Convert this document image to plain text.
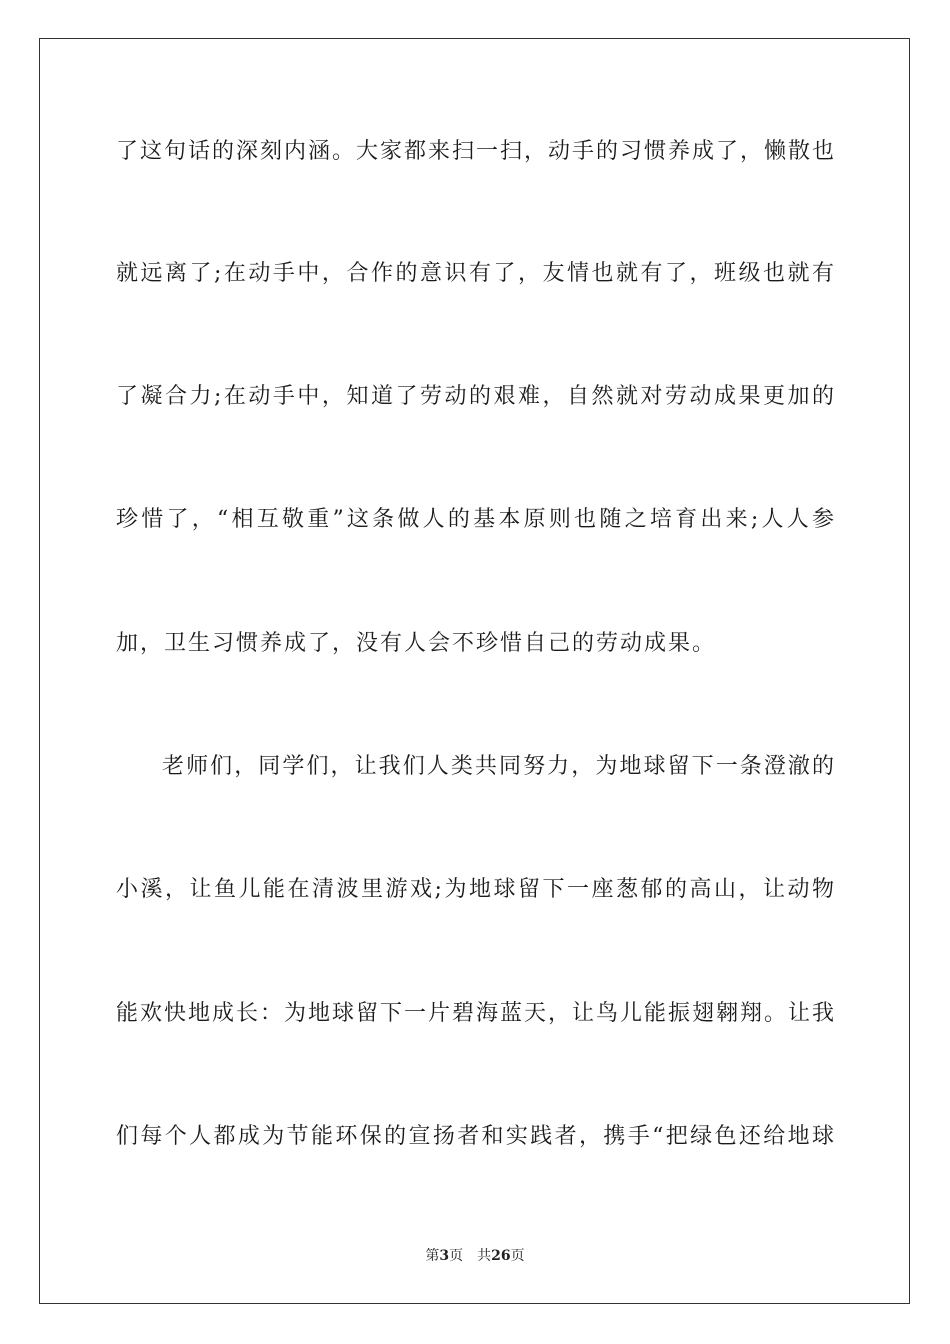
了这句话的深刻内涵。大家都来扫一扫，动手的习惯养成了，懒散也
就远离了;在动手中，合作的意识有了，友情也就有了，班级也就有
了凝合力;在动手中，知道了劳动的艰难，自然就对劳动成果更加的
珍惜了，“相互敬重”这条做人的基本原则也随之培育出来;人人参
加，卫生习惯养成了，没有人会不珍惜自己的劳动成果。
老师们，同学们，让我们人类共同努力，为地球留下一条澄澈的
小溪，让鱼儿能在清波里游戏;为地球留下一座葱郁的高山，让动物
能欢快地成长：为地球留下一片碧海蓝天，让鸟儿能振翅翱翔。让我
们每个人都成为节能环保的宣扬者和实践者，携手“把绿色还给地球
第3页 共26页
